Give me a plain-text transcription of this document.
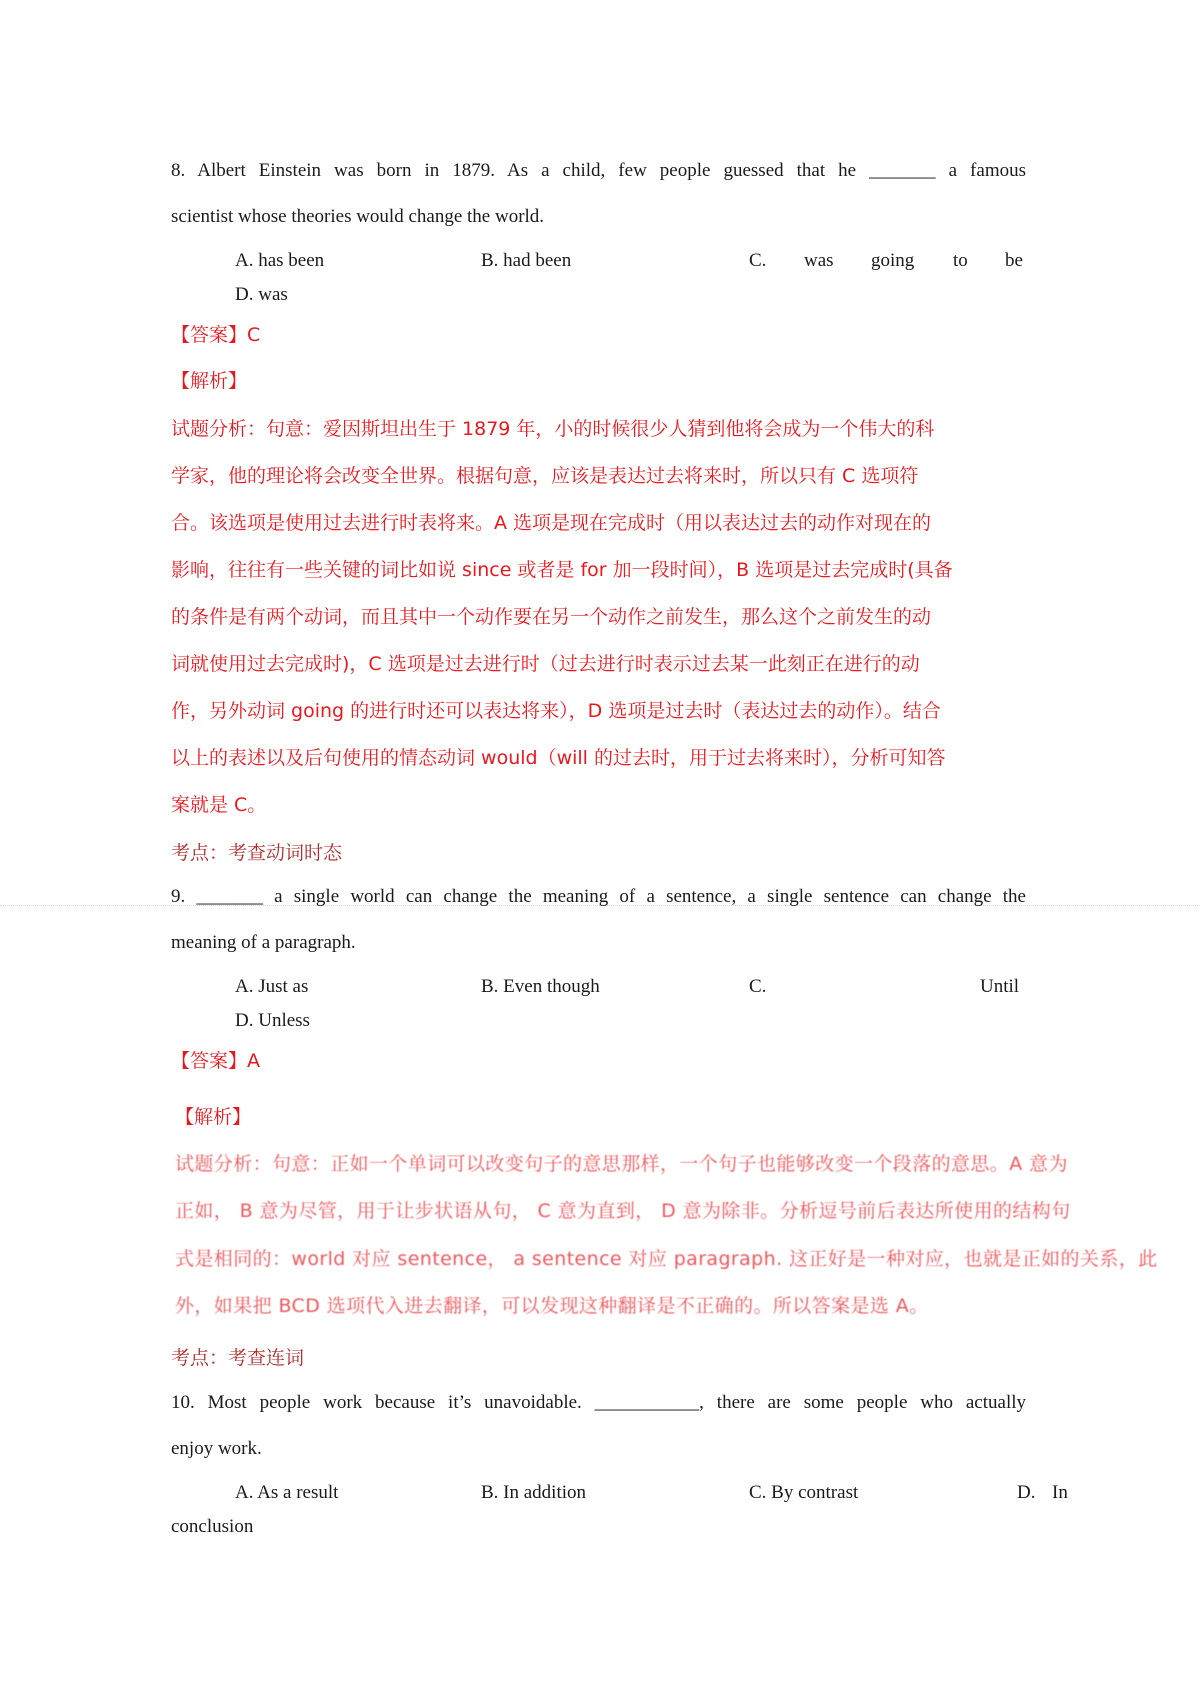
8. Albert Einstein was born in 1879. As a child, few people guessed that he _______ a famous
scientist whose theories would change the world.
A. has been	B. had been	C. was going to be
D. was
【答案】C
【解析】
试题分析：句意：爱因斯坦出生于 1879 年，小的时候很少人猜到他将会成为一个伟大的科
学家，他的理论将会改变全世界。根据句意，应该是表达过去将来时，所以只有 C 选项符
合。该选项是使用过去进行时表将来。A 选项是现在完成时（用以表达过去的动作对现在的
影响，往往有一些关键的词比如说 since 或者是 for 加一段时间），B 选项是过去完成时(具备
的条件是有两个动词，而且其中一个动作要在另一个动作之前发生，那么这个之前发生的动
词就使用过去完成时)，C 选项是过去进行时（过去进行时表示过去某一此刻正在进行的动
作，另外动词 going 的进行时还可以表达将来），D 选项是过去时（表达过去的动作）。结合
以上的表述以及后句使用的情态动词 would（will 的过去时，用于过去将来时），分析可知答
案就是 C。
考点：考查动词时态
9. _______ a single world can change the meaning of a sentence, a single sentence can change the
meaning of a paragraph.
A. Just as	B. Even though	C.	Until
D. Unless
【答案】A
【解析】
试题分析：句意：正如一个单词可以改变句子的意思那样，一个句子也能够改变一个段落的意思。A 意为
正如， B 意为尽管，用于让步状语从句， C 意为直到， D 意为除非。分析逗号前后表达所使用的结构句
式是相同的：world 对应 sentence， a sentence 对应 paragraph. 这正好是一种对应，也就是正如的关系，此
外，如果把 BCD 选项代入进去翻译，可以发现这种翻译是不正确的。所以答案是选 A。
考点：考查连词
10. Most people work because it’s unavoidable. ___________, there are some people who actually
enjoy work.
A. As a result	B. In addition	C. By contrast	D. In
conclusion
